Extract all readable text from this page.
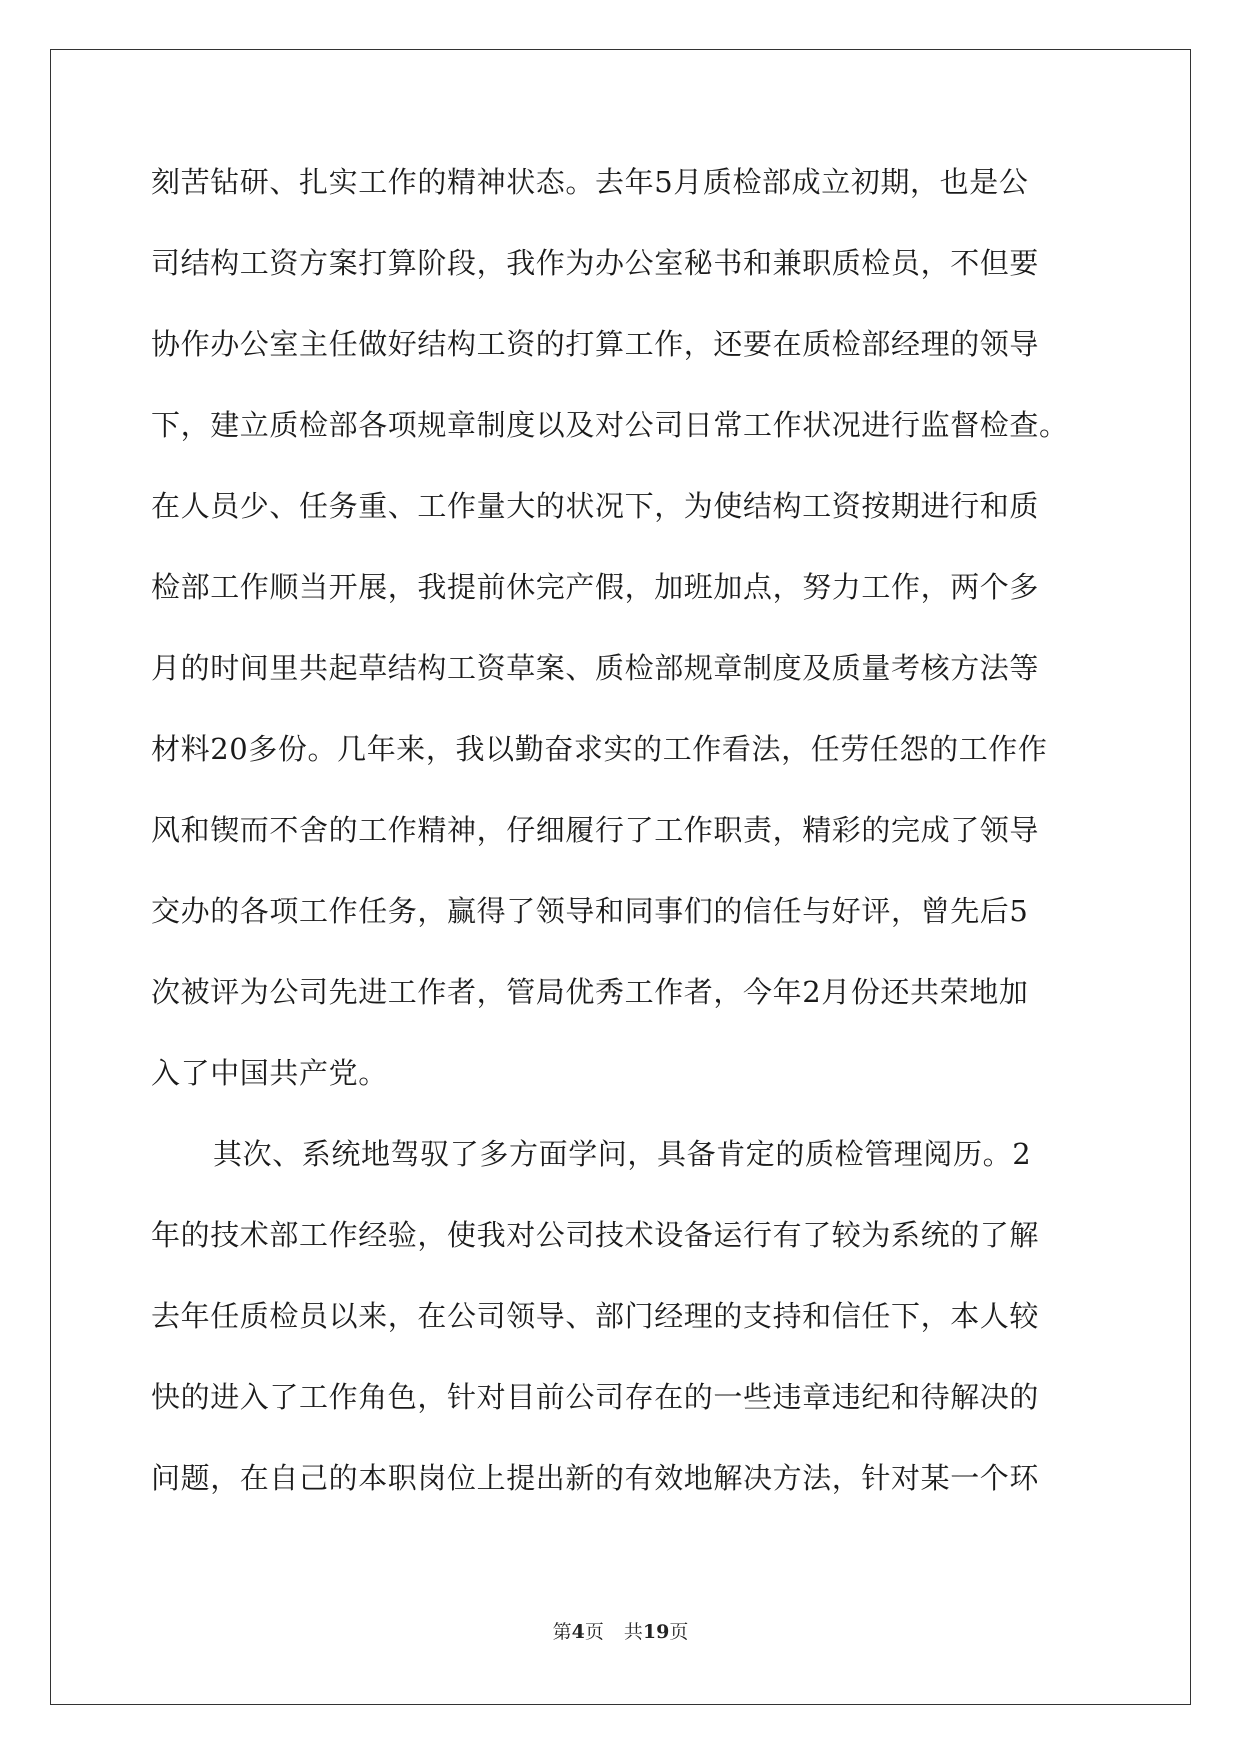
刻苦钻研、扎实工作的精神状态。去年5月质检部成立初期，也是公
司结构工资方案打算阶段，我作为办公室秘书和兼职质检员，不但要
协作办公室主任做好结构工资的打算工作，还要在质检部经理的领导
下，建立质检部各项规章制度以及对公司日常工作状况进行监督检查。
在人员少、任务重、工作量大的状况下，为使结构工资按期进行和质
检部工作顺当开展，我提前休完产假，加班加点，努力工作，两个多
月的时间里共起草结构工资草案、质检部规章制度及质量考核方法等
材料20多份。几年来，我以勤奋求实的工作看法，任劳任怨的工作作
风和锲而不舍的工作精神，仔细履行了工作职责，精彩的完成了领导
交办的各项工作任务，赢得了领导和同事们的信任与好评，曾先后5
次被评为公司先进工作者，管局优秀工作者，今年2月份还共荣地加
入了中国共产党。
其次、系统地驾驭了多方面学问，具备肯定的质检管理阅历。2
年的技术部工作经验，使我对公司技术设备运行有了较为系统的了解
去年任质检员以来，在公司领导、部门经理的支持和信任下，本人较
快的进入了工作角色，针对目前公司存在的一些违章违纪和待解决的
问题，在自己的本职岗位上提出新的有效地解决方法，针对某一个环
第4页 共19页
